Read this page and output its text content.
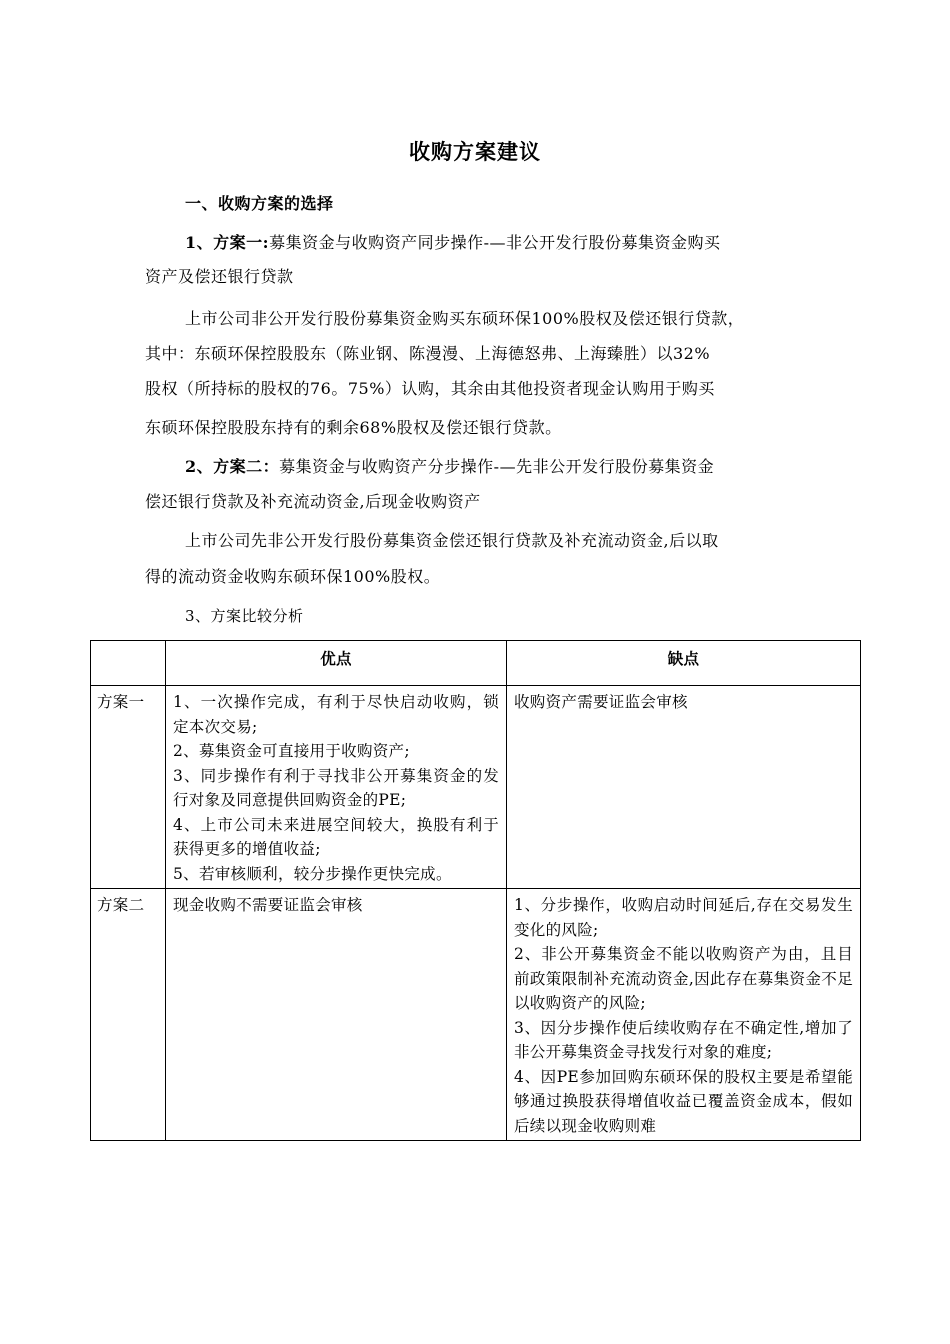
收购方案建议
一、收购方案的选择
1、方案一:募集资金与收购资产同步操作-—非公开发行股份募集资金购买
资产及偿还银行贷款
上市公司非公开发行股份募集资金购买东硕环保100%股权及偿还银行贷款，
其中：东硕环保控股股东（陈业钢、陈漫漫、上海德怒弗、上海臻胜）以32%
股权（所持标的股权的76。75%）认购，其余由其他投资者现金认购用于购买
东硕环保控股股东持有的剩余68%股权及偿还银行贷款。
2、方案二：募集资金与收购资产分步操作-—先非公开发行股份募集资金
偿还银行贷款及补充流动资金,后现金收购资产
上市公司先非公开发行股份募集资金偿还银行贷款及补充流动资金,后以取
得的流动资金收购东硕环保100%股权。
3、方案比较分析
	优点	缺点
方案一	1、一次操作完成，有利于尽快启动收购，锁定本次交易;
2、募集资金可直接用于收购资产;
3、同步操作有利于寻找非公开募集资金的发行对象及同意提供回购资金的PE;
4、上市公司未来进展空间较大，换股有利于获得更多的增值收益;
5、若审核顺利，较分步操作更快完成。	收购资产需要证监会审核

方案二	现金收购不需要证监会审核	1、分步操作，收购启动时间延后,存在交易发生变化的风险;
2、非公开募集资金不能以收购资产为由，且目前政策限制补充流动资金,因此存在募集资金不足以收购资产的风险;
3、因分步操作使后续收购存在不确定性,增加了非公开募集资金寻找发行对象的难度;
4、因PE参加回购东硕环保的股权主要是希望能够通过换股获得增值收益已覆盖资金成本，假如后续以现金收购则难
